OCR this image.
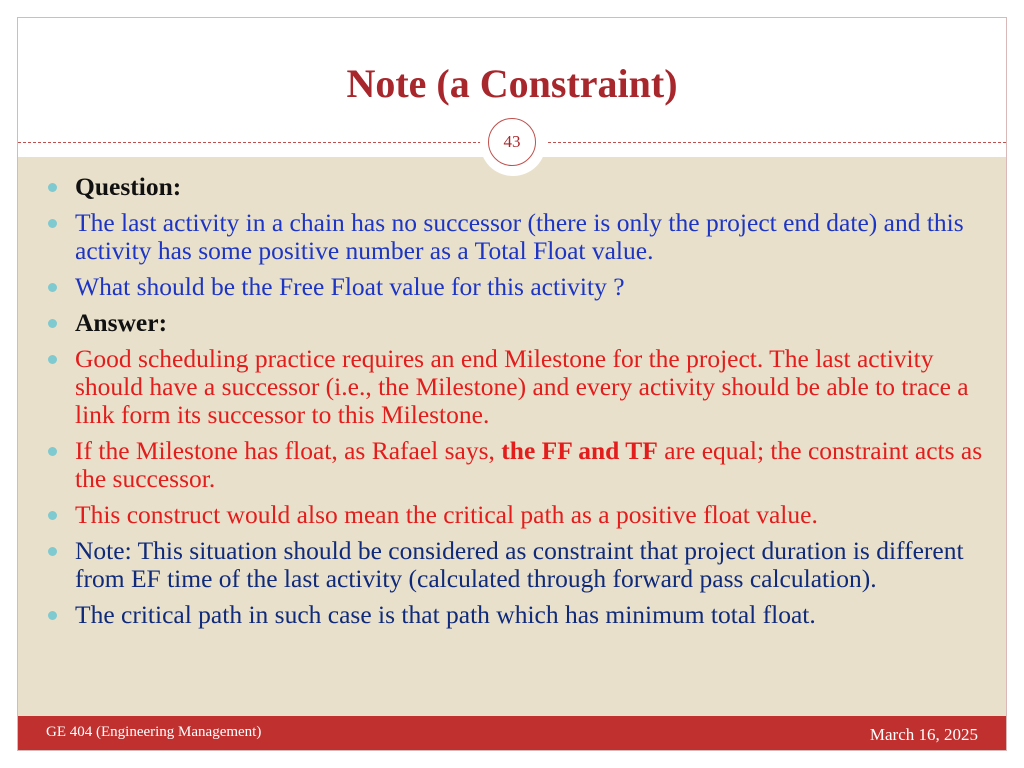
Note (a Constraint)
43
Question:
The last activity in a chain has no successor (there is only the project end date) and this activity has some positive number as a Total Float value.
What should be the Free Float value for this activity ?
Answer:
Good scheduling practice requires an end Milestone for the project. The last activity should have a successor (i.e., the Milestone) and every activity should be able to trace a link form its successor to this Milestone.
If the Milestone has float, as Rafael says, the FF and TF are equal; the constraint acts as the successor.
This construct would also mean the critical path as a positive float value.
Note: This situation should be considered as constraint that project duration is different from EF time of the last activity (calculated through forward pass calculation).
The critical path in such case is that path which has minimum total float.
GE 404 (Engineering Management)	March 16, 2025
